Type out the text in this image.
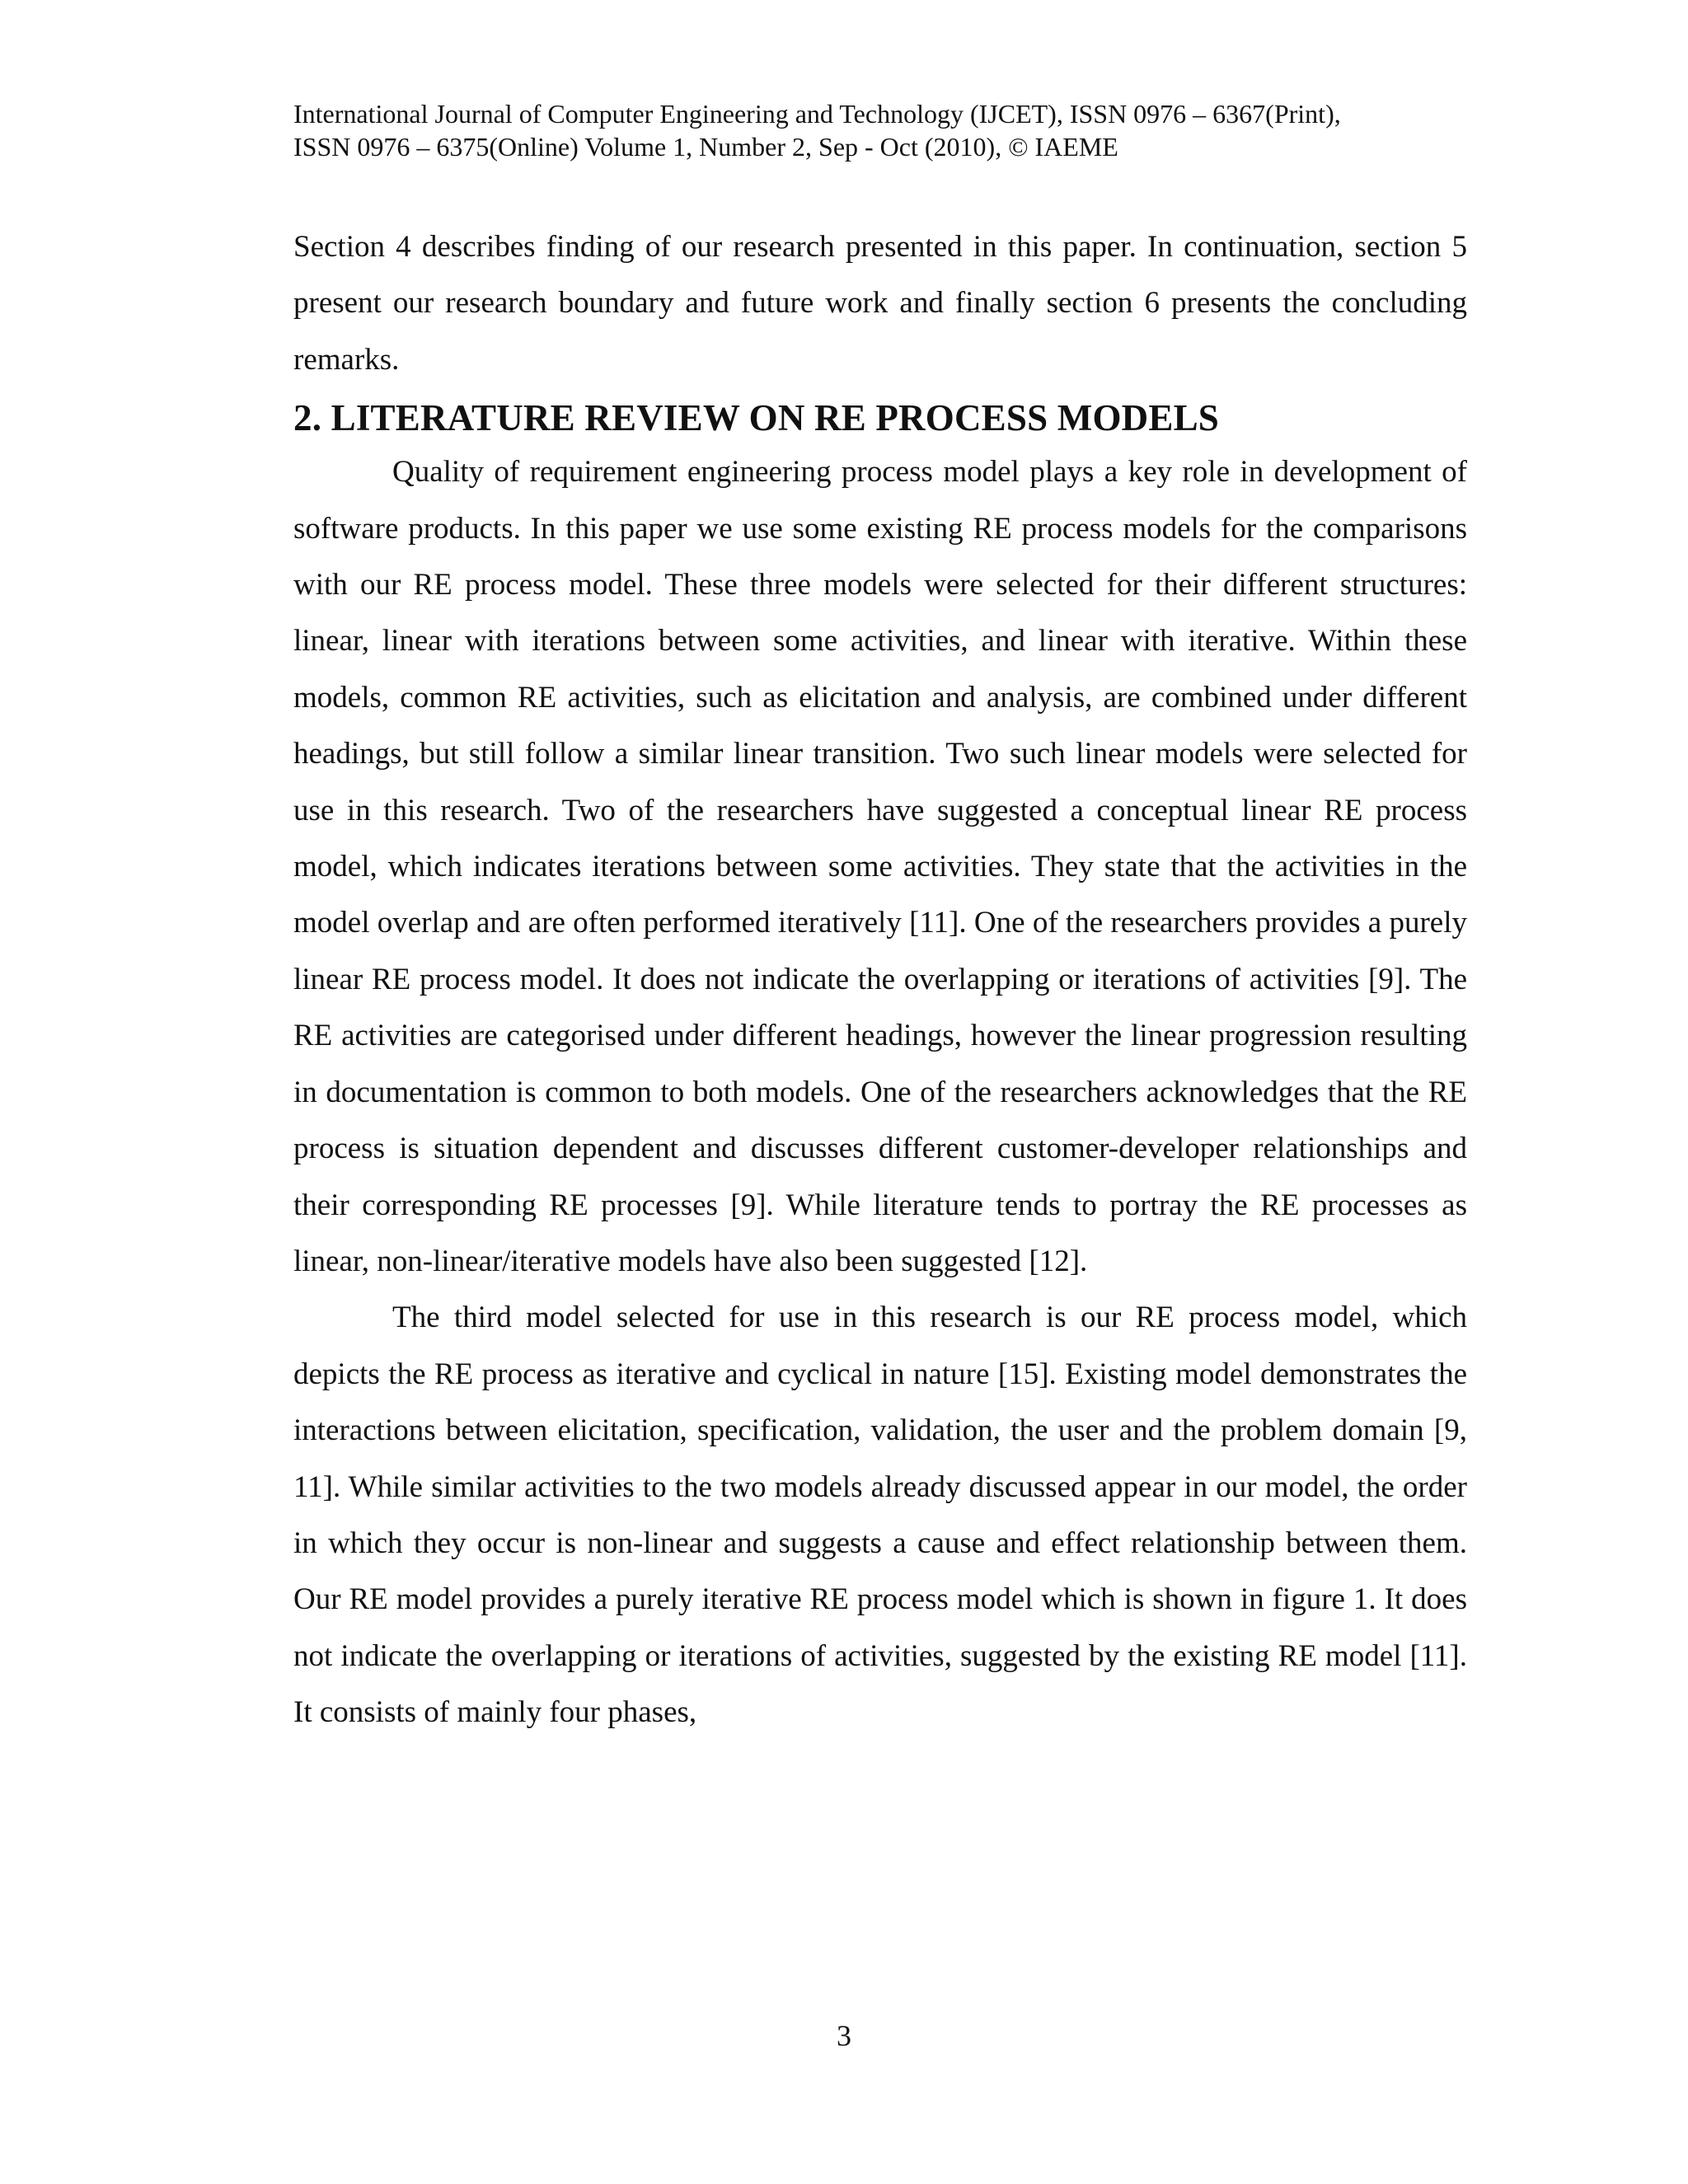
International Journal of Computer Engineering and Technology (IJCET), ISSN 0976 – 6367(Print),
ISSN 0976 – 6375(Online) Volume 1, Number 2, Sep - Oct (2010), © IAEME

Section 4 describes finding of our research presented in this paper. In continuation, section 5 present our research boundary and future work and finally section 6 presents the concluding remarks.

2. LITERATURE REVIEW ON RE PROCESS MODELS

Quality of requirement engineering process model plays a key role in development of software products. In this paper we use some existing RE process models for the comparisons with our RE process model. These three models were selected for their different structures: linear, linear with iterations between some activities, and linear with iterative. Within these models, common RE activities, such as elicitation and analysis, are combined under different headings, but still follow a similar linear transition. Two such linear models were selected for use in this research. Two of the researchers have suggested a conceptual linear RE process model, which indicates iterations between some activities. They state that the activities in the model overlap and are often performed iteratively [11]. One of the researchers provides a purely linear RE process model. It does not indicate the overlapping or iterations of activities [9]. The RE activities are categorised under different headings, however the linear progression resulting in documentation is common to both models. One of the researchers acknowledges that the RE process is situation dependent and discusses different customer-developer relationships and their corresponding RE processes [9]. While literature tends to portray the RE processes as linear, non-linear/iterative models have also been suggested [12].

The third model selected for use in this research is our RE process model, which depicts the RE process as iterative and cyclical in nature [15]. Existing model demonstrates the interactions between elicitation, specification, validation, the user and the problem domain [9, 11]. While similar activities to the two models already discussed appear in our model, the order in which they occur is non-linear and suggests a cause and effect relationship between them. Our RE model provides a purely iterative RE process model which is shown in figure 1. It does not indicate the overlapping or iterations of activities, suggested by the existing RE model [11]. It consists of mainly four phases,

3
